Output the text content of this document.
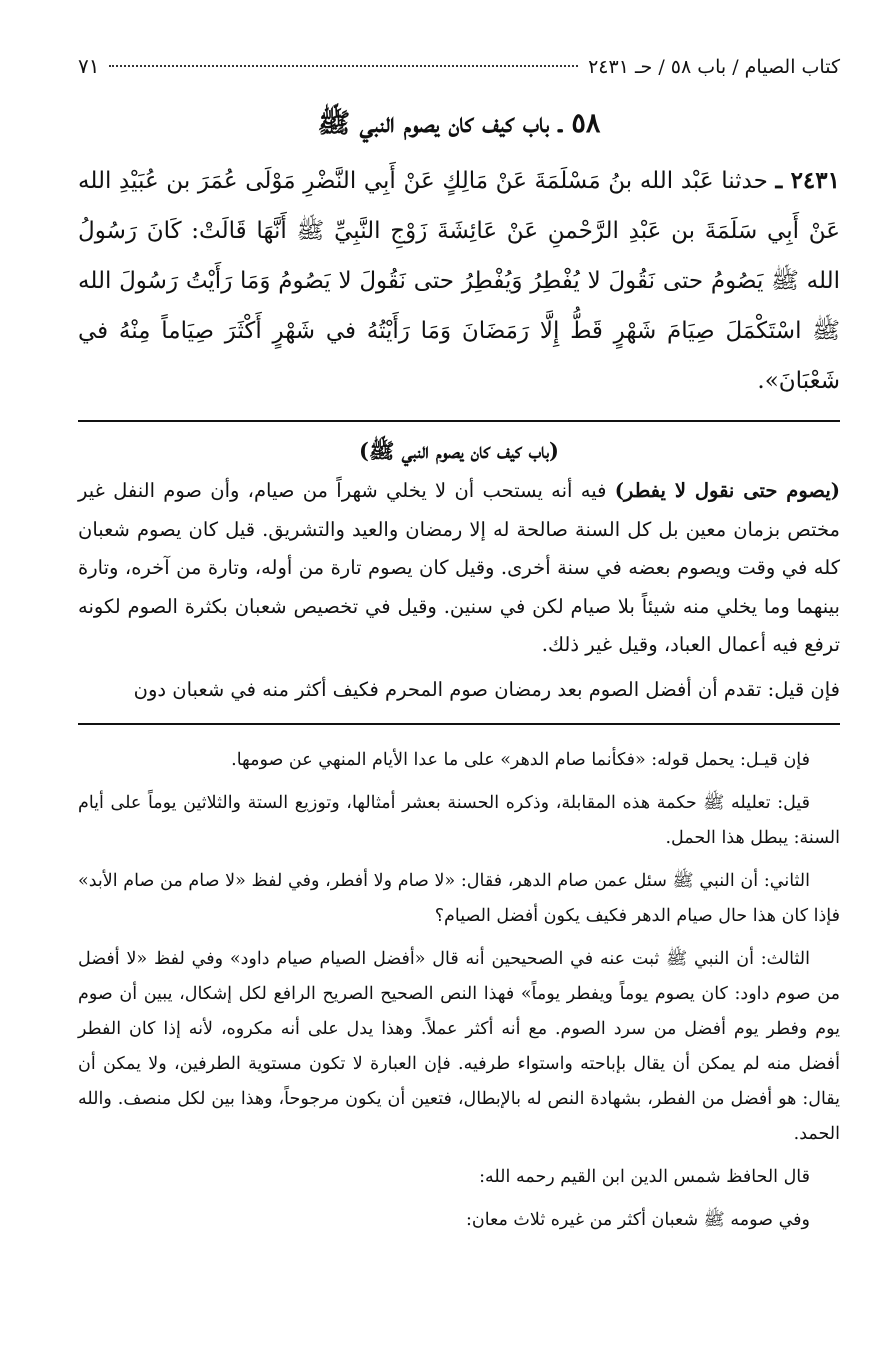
كتاب الصيام / باب ٥٨ / حـ ٢٤٣١
٧١
٥٨ ـ باب كيف كان يصوم النبي ﷺ

٢٤٣١ ـ حدثنا عَبْد الله بنُ مَسْلَمَةَ عَنْ مَالِكٍ عَنْ أَبِي النَّضْرِ مَوْلَى عُمَرَ بن عُبَيْدِ الله عَنْ أَبِي سَلَمَةَ بن عَبْدِ الرَّحْمنِ عَنْ عَائِشَةَ زَوْجِ النَّبِيِّ ﷺ أَنَّهَا قَالَتْ: كَانَ رَسُولُ الله ﷺ يَصُومُ حتى نَقُولَ لا يُفْطِرُ وَيُفْطِرُ حتى نَقُولَ لا يَصُومُ وَمَا رَأَيْتُ رَسُولَ الله ﷺ اسْتَكْمَلَ صِيَامَ شَهْرٍ قَطُّ إِلَّا رَمَضَانَ وَمَا رَأَيْتُهُ في شَهْرٍ أَكْثَرَ صِيَاماً مِنْهُ في شَعْبَانَ».

(باب كيف كان يصوم النبي ﷺ)

(يصوم حتى نقول لا يفطر) فيه أنه يستحب أن لا يخلي شهراً من صيام، وأن صوم النفل غير مختص بزمان معين بل كل السنة صالحة له إلا رمضان والعيد والتشريق. قيل كان يصوم شعبان كله في وقت ويصوم بعضه في سنة أخرى. وقيل كان يصوم تارة من أوله، وتارة من آخره، وتارة بينهما وما يخلي منه شيئاً بلا صيام لكن في سنين. وقيل في تخصيص شعبان بكثرة الصوم لكونه ترفع فيه أعمال العباد، وقيل غير ذلك.

فإن قيل: تقدم أن أفضل الصوم بعد رمضان صوم المحرم فكيف أكثر منه في شعبان دون

فإن قيـل: يحمل قوله: «فكأنما صام الدهر» على ما عدا الأيام المنهي عن صومها.

قيل: تعليله ﷺ حكمة هذه المقابلة، وذكره الحسنة بعشر أمثالها، وتوزيع الستة والثلاثين يوماً على أيام السنة: يبطل هذا الحمل.

الثاني: أن النبي ﷺ سئل عمن صام الدهر، فقال: «لا صام ولا أفطر، وفي لفظ «لا صام من صام الأبد» فإذا كان هذا حال صيام الدهر فكيف يكون أفضل الصيام؟

الثالث: أن النبي ﷺ ثبت عنه في الصحيحين أنه قال «أفضل الصيام صيام داود» وفي لفظ «لا أفضل من صوم داود: كان يصوم يوماً ويفطر يوماً» فهذا النص الصحيح الصريح الرافع لكل إشكال، يبين أن صوم يوم وفطر يوم أفضل من سرد الصوم. مع أنه أكثر عملاً. وهذا يدل على أنه مكروه، لأنه إذا كان الفطر أفضل منه لم يمكن أن يقال بإباحته واستواء طرفيه. فإن العبارة لا تكون مستوية الطرفين، ولا يمكن أن يقال: هو أفضل من الفطر، بشهادة النص له بالإبطال، فتعين أن يكون مرجوحاً، وهذا بين لكل منصف. والله الحمد.

قال الحافظ شمس الدين ابن القيم رحمه الله:

وفي صومه ﷺ شعبان أكثر من غيره ثلاث معان:
